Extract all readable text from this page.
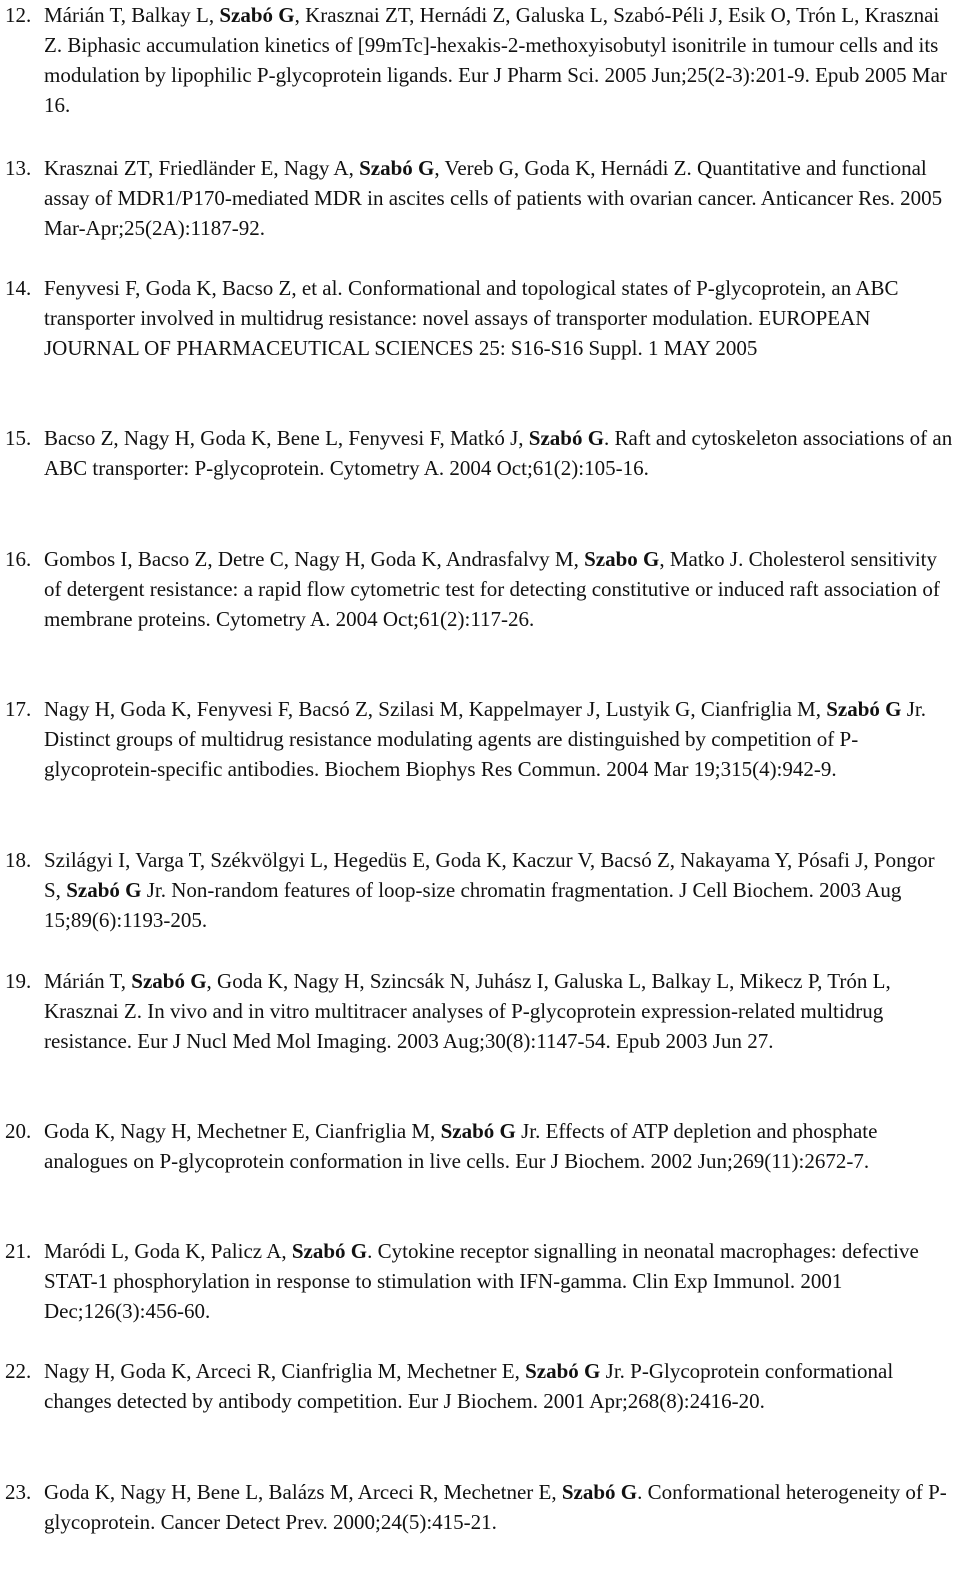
12. Márián T, Balkay L, Szabó G, Krasznai ZT, Hernádi Z, Galuska L, Szabó-Péli J, Esik O, Trón L, Krasznai Z. Biphasic accumulation kinetics of [99mTc]-hexakis-2-methoxyisobutyl isonitrile in tumour cells and its modulation by lipophilic P-glycoprotein ligands. Eur J Pharm Sci. 2005 Jun;25(2-3):201-9. Epub 2005 Mar 16.
13. Krasznai ZT, Friedländer E, Nagy A, Szabó G, Vereb G, Goda K, Hernádi Z. Quantitative and functional assay of MDR1/P170-mediated MDR in ascites cells of patients with ovarian cancer. Anticancer Res. 2005 Mar-Apr;25(2A):1187-92.
14. Fenyvesi F, Goda K, Bacso Z, et al. Conformational and topological states of P-glycoprotein, an ABC transporter involved in multidrug resistance: novel assays of transporter modulation. EUROPEAN JOURNAL OF PHARMACEUTICAL SCIENCES 25: S16-S16 Suppl. 1 MAY 2005
15. Bacso Z, Nagy H, Goda K, Bene L, Fenyvesi F, Matkó J, Szabó G. Raft and cytoskeleton associations of an ABC transporter: P-glycoprotein. Cytometry A. 2004 Oct;61(2):105-16.
16. Gombos I, Bacso Z, Detre C, Nagy H, Goda K, Andrasfalvy M, Szabo G, Matko J. Cholesterol sensitivity of detergent resistance: a rapid flow cytometric test for detecting constitutive or induced raft association of membrane proteins. Cytometry A. 2004 Oct;61(2):117-26.
17. Nagy H, Goda K, Fenyvesi F, Bacsó Z, Szilasi M, Kappelmayer J, Lustyik G, Cianfriglia M, Szabó G Jr. Distinct groups of multidrug resistance modulating agents are distinguished by competition of P-glycoprotein-specific antibodies. Biochem Biophys Res Commun. 2004 Mar 19;315(4):942-9.
18. Szilágyi I, Varga T, Székvölgyi L, Hegedüs E, Goda K, Kaczur V, Bacsó Z, Nakayama Y, Pósafi J, Pongor S, Szabó G Jr. Non-random features of loop-size chromatin fragmentation. J Cell Biochem. 2003 Aug 15;89(6):1193-205.
19. Márián T, Szabó G, Goda K, Nagy H, Szincsák N, Juhász I, Galuska L, Balkay L, Mikecz P, Trón L, Krasznai Z. In vivo and in vitro multitracer analyses of P-glycoprotein expression-related multidrug resistance. Eur J Nucl Med Mol Imaging. 2003 Aug;30(8):1147-54. Epub 2003 Jun 27.
20. Goda K, Nagy H, Mechetner E, Cianfriglia M, Szabó G Jr. Effects of ATP depletion and phosphate analogues on P-glycoprotein conformation in live cells. Eur J Biochem. 2002 Jun;269(11):2672-7.
21. Maródi L, Goda K, Palicz A, Szabó G. Cytokine receptor signalling in neonatal macrophages: defective STAT-1 phosphorylation in response to stimulation with IFN-gamma. Clin Exp Immunol. 2001 Dec;126(3):456-60.
22. Nagy H, Goda K, Arceci R, Cianfriglia M, Mechetner E, Szabó G Jr. P-Glycoprotein conformational changes detected by antibody competition. Eur J Biochem. 2001 Apr;268(8):2416-20.
23. Goda K, Nagy H, Bene L, Balázs M, Arceci R, Mechetner E, Szabó G. Conformational heterogeneity of P-glycoprotein. Cancer Detect Prev. 2000;24(5):415-21.
